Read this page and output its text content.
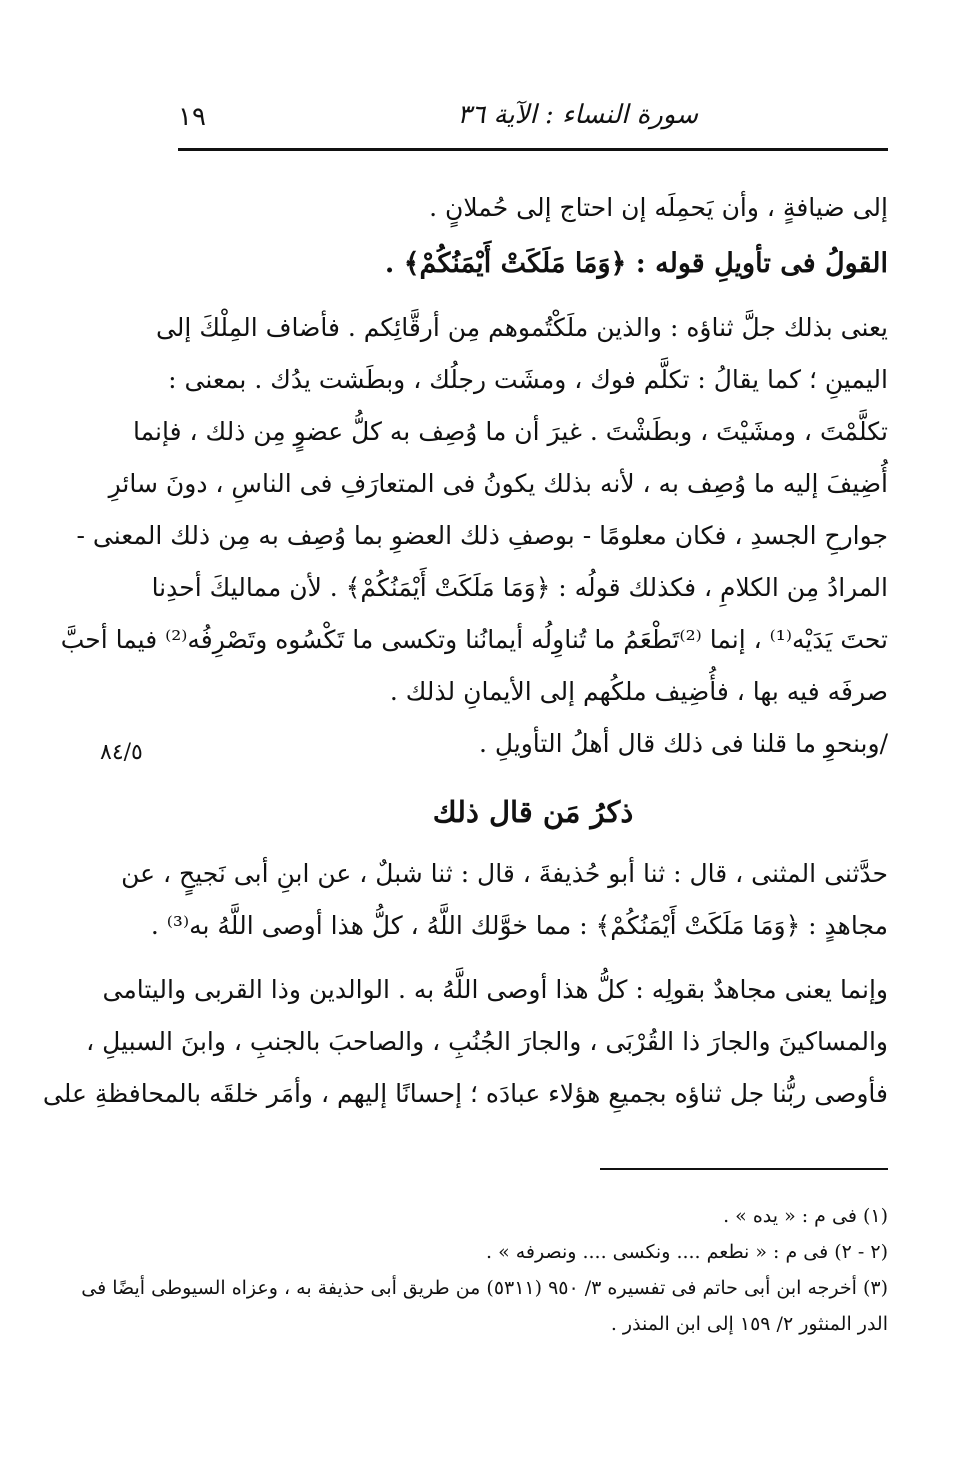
١٩	سورة النساء : الآية ٣٦
إلى ضيافةٍ ، وأن يَحمِلَه إن احتاج إلى حُملانٍ .
القولُ فى تأويلِ قوله : ﴿وَمَا مَلَكَتْ أَيْمَنُكُمْ﴾ .
يعنى بذلك جلَّ ثناؤه : والذين ملَكْتُموهم مِن أرقَّائِكم . فأضاف المِلْكَ إلى
اليمينِ ؛ كما يقالُ : تكلَّم فوك ، ومشَت رجلُك ، وبطَشت يدُك . بمعنى :
تكلَّمْتَ ، ومشَيْتَ ، وبطَشْتَ . غيرَ أن ما وُصِف به كلُّ عضوٍ مِن ذلك ، فإنما
أُضِيفَ إليه ما وُصِف به ، لأنه بذلك يكونُ فى المتعارَفِ فى الناسِ ، دونَ سائرِ
جوارحِ الجسدِ ، فكان معلومًا - بوصفِ ذلك العضوِ بما وُصِف به مِن ذلك المعنى -
المرادُ مِن الكلامِ ، فكذلك قولُه : ﴿وَمَا مَلَكَتْ أَيْمَنُكُمْ﴾ . لأن مماليكَ أحدِنا
تحتَ يَدَيْه⁽¹⁾ ، إنما ⁽²⁾تَطْعَمُ ما تُناوِلُه أيمانُنا وتكسى ما تَكْسُوه وتَصْرِفُه⁽²⁾ فيما أحبَّ
صرفَه فيه بها ، فأُضِيف ملكُهم إلى الأيمانِ لذلك .
/وبنحوِ ما قلنا فى ذلك قال أهلُ التأويلِ .
ذكرُ مَن قال ذلك
حدَّثنى المثنى ، قال : ثنا أبو حُذيفةَ ، قال : ثنا شبلٌ ، عن ابنِ أبى نَجيحٍ ، عن
مجاهدٍ : ﴿وَمَا مَلَكَتْ أَيْمَنُكُمْ﴾ : مما خوَّلك اللَّهُ ، كلُّ هذا أوصى اللَّهُ به⁽³⁾ .
وإنما يعنى مجاهدٌ بقولِه : كلُّ هذا أوصى اللَّهُ به . الوالدين وذا القربى واليتامى
والمساكينَ والجارَ ذا القُرْبَى ، والجارَ الجُنُبِ ، والصاحبَ بالجنبِ ، وابنَ السبيلِ ،
فأوصى ربُّنا جل ثناؤه بجميعِ هؤلاء عبادَه ؛ إحسانًا إليهم ، وأمَر خلقَه بالمحافظةِ على
٨٤/٥
(١) فى م : « يده » .
(٢ - ٢) فى م : « نطعم .... ونكسى .... ونصرفه » .
(٣) أخرجه ابن أبى حاتم فى تفسيره ٣/ ٩٥٠ (٥٣١١) من طريق أبى حذيفة به ، وعزاه السيوطى أيضًا فى
الدر المنثور ٢/ ١٥٩ إلى ابن المنذر .
